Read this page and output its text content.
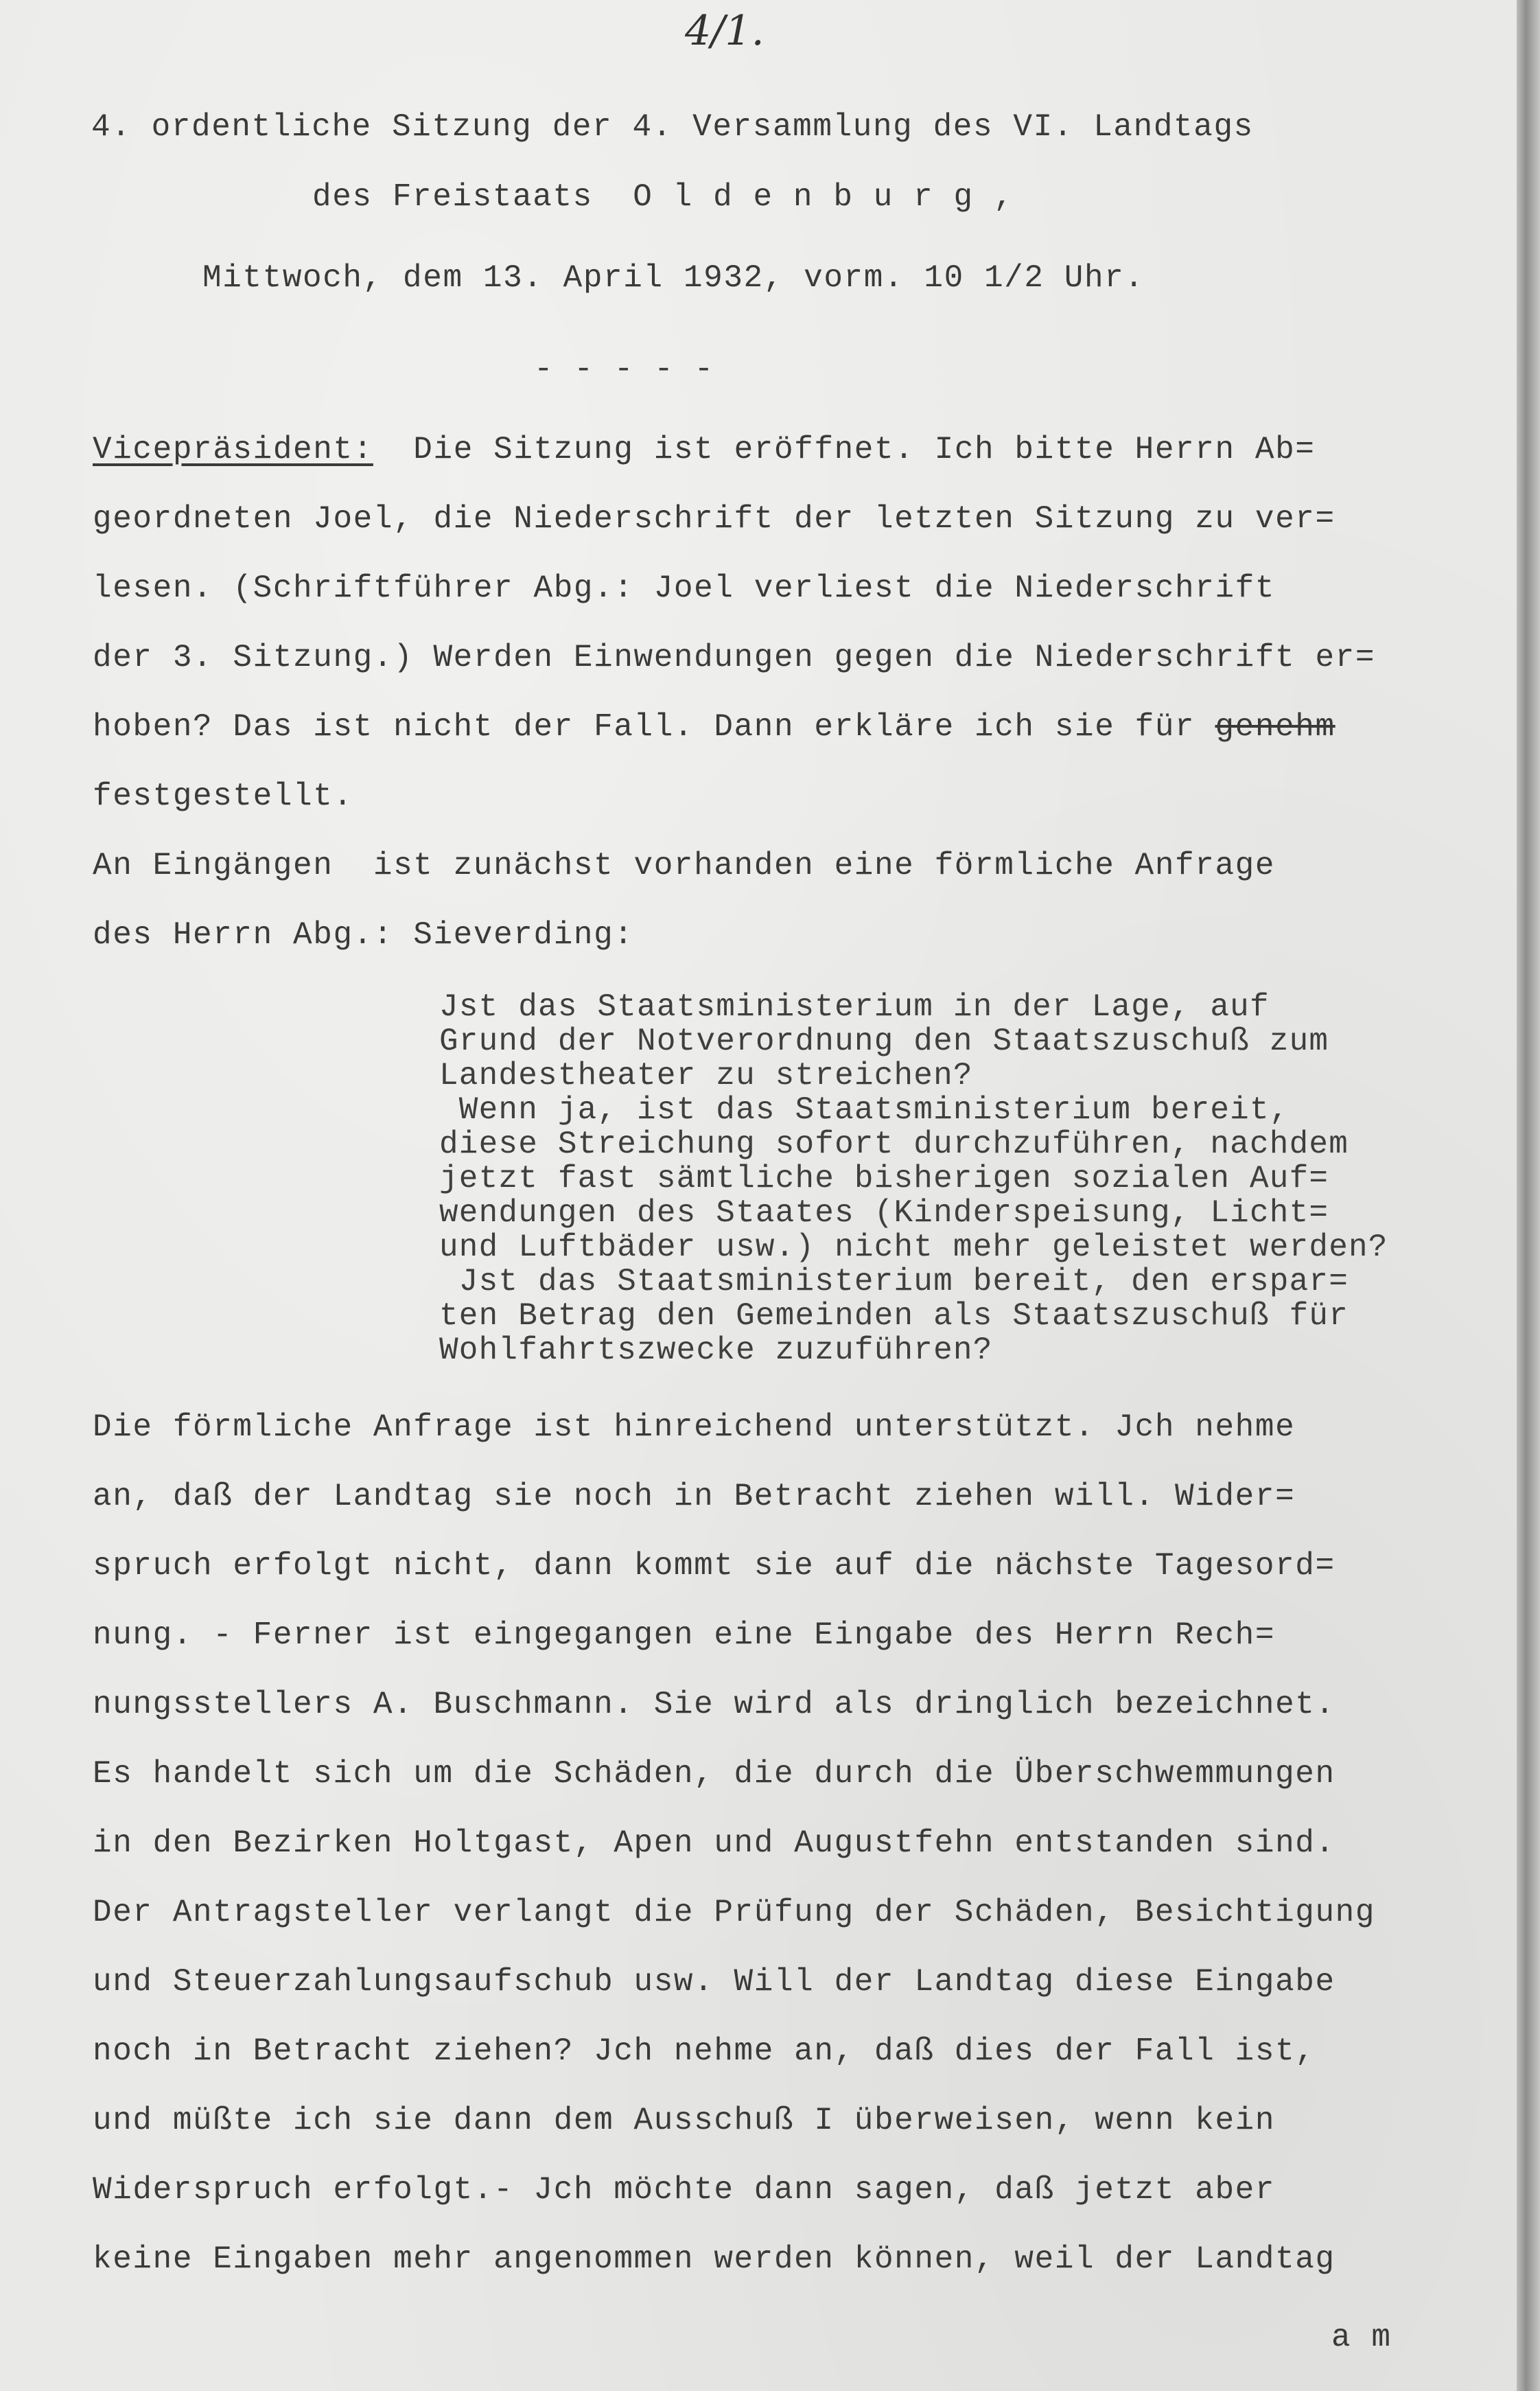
4/1.
4. ordentliche Sitzung der 4. Versammlung des VI. Landtags
des Freistaats  O l d e n b u r g ,
Mittwoch, dem 13. April 1932, vorm. 10 1/2 Uhr.
- - - - -
Vicepräsident: Die Sitzung ist eröffnet. Ich bitte Herrn Ab=
geordneten Joel, die Niederschrift der letzten Sitzung zu ver=
lesen. (Schriftführer Abg.: Joel verliest die Niederschrift
der 3. Sitzung.) Werden Einwendungen gegen die Niederschrift er=
hoben? Das ist nicht der Fall. Dann erkläre ich sie für genehm
festgestellt.
An Eingängen  ist zunächst vorhanden eine förmliche Anfrage
des Herrn Abg.: Sieverding:
Jst das Staatsministerium in der Lage, auf
Grund der Notverordnung den Staatszuschuß zum
Landestheater zu streichen?
Wenn ja, ist das Staatsministerium bereit,
diese Streichung sofort durchzuführen, nachdem
jetzt fast sämtliche bisherigen sozialen Auf=
wendungen des Staates (Kinderspeisung, Licht=
und Luftbäder usw.) nicht mehr geleistet werden?
Jst das Staatsministerium bereit, den erspar=
ten Betrag den Gemeinden als Staatszuschuß für
Wohlfahrtszwecke zuzuführen?
Die förmliche Anfrage ist hinreichend unterstützt. Jch nehme
an, daß der Landtag sie noch in Betracht ziehen will. Wider=
spruch erfolgt nicht, dann kommt sie auf die nächste Tagesord=
nung. - Ferner ist eingegangen eine Eingabe des Herrn Rech=
nungsstellers A. Buschmann. Sie wird als dringlich bezeichnet.
Es handelt sich um die Schäden, die durch die Überschwemmungen
in den Bezirken Holtgast, Apen und Augustfehn entstanden sind.
Der Antragsteller verlangt die Prüfung der Schäden, Besichtigung
und Steuerzahlungsaufschub usw. Will der Landtag diese Eingabe
noch in Betracht ziehen? Jch nehme an, daß dies der Fall ist,
und müßte ich sie dann dem Ausschuß I überweisen, wenn kein
Widerspruch erfolgt.- Jch möchte dann sagen, daß jetzt aber
keine Eingaben mehr angenommen werden können, weil der Landtag
a m
